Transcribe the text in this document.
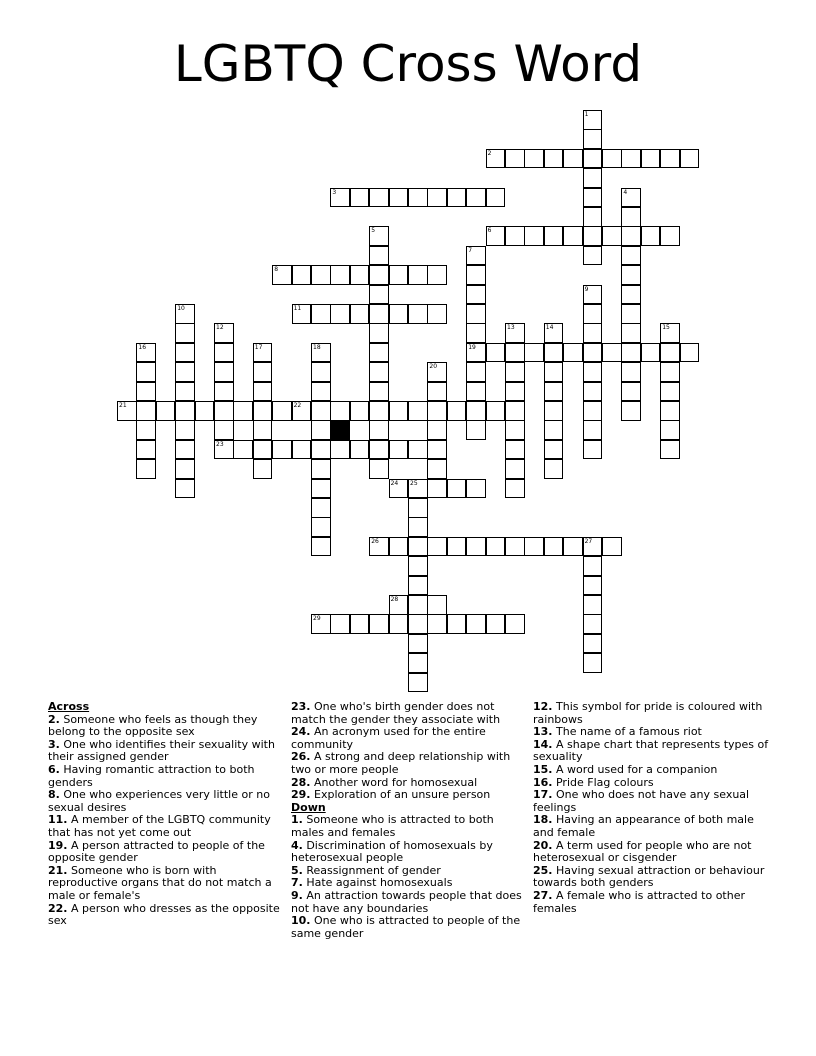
LGBTQ Cross Word
1
2
3	4
5	6
7
8
9
10	11
12	13	14	15
16	17	18	19
20
21	22
23
24 25
26	27
28
29

Across

2. Someone who feels as though they belong to the opposite sex

3. One who identifies their sexuality with their assigned gender

6. Having romantic attraction to both genders

8. One who experiences very little or no sexual desires

11. A member of the LGBTQ community that has not yet come out

19. A person attracted to people of the opposite gender

21. Someone who is born with reproductive organs that do not match a male or female's

22. A person who dresses as the opposite sex

23. One who's birth gender does not match the gender they associate with

24. An acronym used for the entire community

26. A strong and deep relationship with two or more people

28. Another word for homosexual

29. Exploration of an unsure person

Down

1. Someone who is attracted to both males and females

4. Discrimination of homosexuals by heterosexual people

5. Reassignment of gender

7. Hate against homosexuals

9. An attraction towards people that does not have any boundaries

10. One who is attracted to people of the same gender

12. This symbol for pride is coloured with rainbows

13. The name of a famous riot

14. A shape chart that represents types of sexuality

15. A word used for a companion

16. Pride Flag colours

17. One who does not have any sexual feelings

18. Having an appearance of both male and female

20. A term used for people who are not heterosexual or cisgender

25. Having sexual attraction or behaviour towards both genders

27. A female who is attracted to other females
